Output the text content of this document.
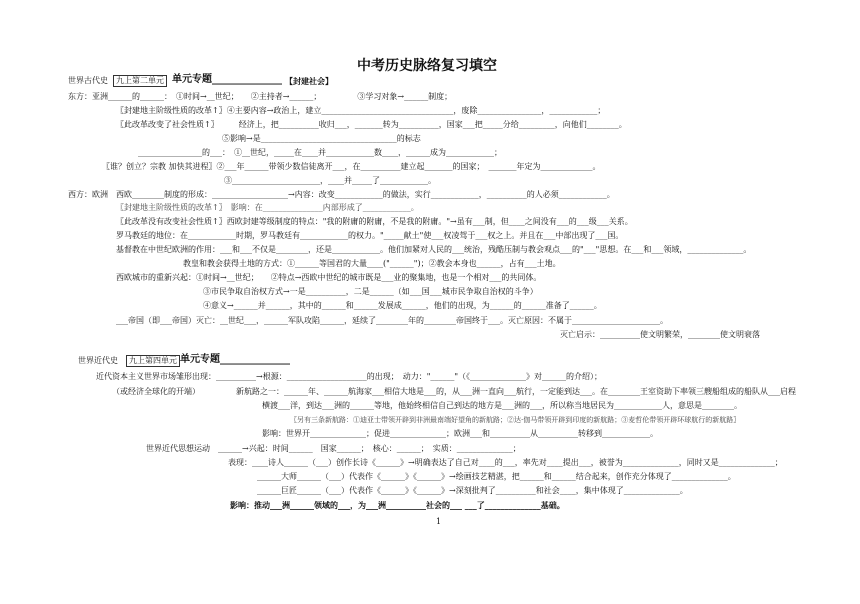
中考历史脉络复习填空
世界古代史	九上第二单元 单元专题______________ 【封建社会】
东方：亚洲______的______：　①时间→__世纪；　　②主持者→______；　　　　　③学习对象→______制度；
〖封建地主阶级性质的改革↑〗④主要内容→政治上，建立_________________________________，废除________________，____________；
〖此改革改变了社会性质↑〗　　　经济上，把__________收归___，_______转为__________，国家___把_____分给_________，向他们________。
⑤影响→是__________________________________的标志
________________的___：　①__世纪，_____在____并____________数____，______成为____________；
〖谁？创立？宗教 加快其进程〗②___年______带领少数信徒离开___，在__________建立起_______的国家；　_______年定为_____________。
③______________________，____并_____了____________。
西方：欧洲　西欧________制度的形成：___________________→内容：改变____________的做法，实行____________，__________的人必须____________。
〖封建地主阶级性质的改革↑〗　影响：在_______________内部形成了____________。
〖此改革没有改变社会性质↑〗西欧封建等级制度的特点："我的附庸的附庸，不是我的附庸。"→虽有___制，但____之间没有___的___级___关系。
罗马教廷的地位：在____________时期，罗马教廷有____________的权力。"_____献土"使___权凌驾于___权之上。并且在___中部出现了___国。
基督教在中世纪欧洲的作用：___和___不仅是________，还是____________。他们加紧对人民的___统治，残酷压制与教会观点___的"___"思想。在___和___领域，______________。
教皇和教会获得土地的方式：①______等国君的大量____("______")；②教会本身也______，占有___土地。
西欧城市的重新兴起：①时间→__世纪；　　②特点→西欧中世纪的城市既是___业的聚集地，也是一个相对___的共同体。
③市民争取自治权方式→一是__________，二是______（如___国___城市民争取自治权的斗争）
④意义→______并______，其中的______和______发展成______，他们的出现，为______的______准备了______。
___帝国（即___帝国）灭亡：__世纪___，______军队攻陷______，延续了________年的________帝国终于___。灭亡原因：不属于______________________。
灭亡启示：__________使文明繁荣，________使文明衰落
世界近代史	九上第四单元 单元专题______________
近代资本主义世界市场雏形出现：__________→根源：____________________的出现；　动力："______"（《______________》对______的介绍）；
（或经济全球化的开端）　　　　　新航路之一：______年、______航海家___相信大地是___的，从___洲一直向___航行，一定能到达___。在________王室资助下率领三艘船组成的船队从___启程
横渡___洋，到达___洲的______等地，他始终相信自己到达的地方是___洲的___，所以称当地居民为____________人，意思是________。
〖另有三条新航路：①迪亚士带领开辟到非洲最南端好望角的新航路；②达·伽马带领开辟到印度的新航路；③麦哲伦带领开辟环球航行的新航路〗
影响：世界开______________；促进______________；欧洲___和__________从__________转移到____________。
世界近代思想运动　______→兴起：时间______　国家______；　核心：______；　实质：______________；
表现：____诗人______（___）创作长诗《______》→明确表达了自己对____的___，率先对____提出___，被誉为______________，同时又是______________；
______大师______（___）代表作《______》《______》→绘画技艺精湛，把______和______结合起来，创作充分体现了______________。
______巨匠______（___）代表作《______》《______》→深刻批判了__________和社会____，集中体现了______________。
影响：推动___洲______领域的___，为___洲__________社会的___ ___了______________基础。
1
